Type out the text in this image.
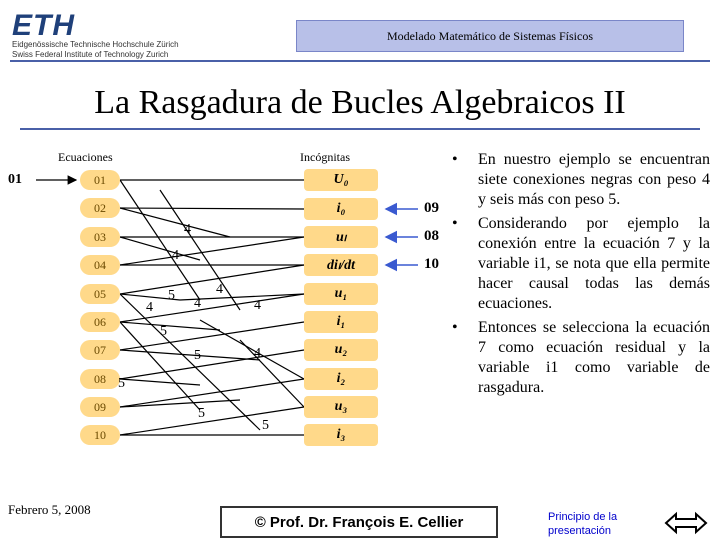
ETH
Eidgenössische Technische Hochschule Zürich
Swiss Federal Institute of Technology Zurich
Modelado Matemático de Sistemas Físicos
La Rasgadura de Bucles Algebraicos II
Ecuaciones	Incógnitas
01	01
02
03
04
05
06
07
08
09
10
U₀
i₀
uₗ
diₗ/dt
u₁
i₁
u₂
i₂
u₃
i₃
09
08
10
4
4
5
4
4
4
5
5
4
5
5
5
4
• En nuestro ejemplo se encuentran siete conexiones negras con peso 4 y seis más con peso 5.
• Considerando por ejemplo la conexión entre la ecuación 7 y la variable i1, se nota que ella permite hacer causal todas las demás ecuaciones.
• Entonces se selecciona la ecuación 7 como ecuación residual y la variable i1 como variable de rasgadura.
Febrero 5, 2008
© Prof. Dr. François E. Cellier	Principio de la presentación
